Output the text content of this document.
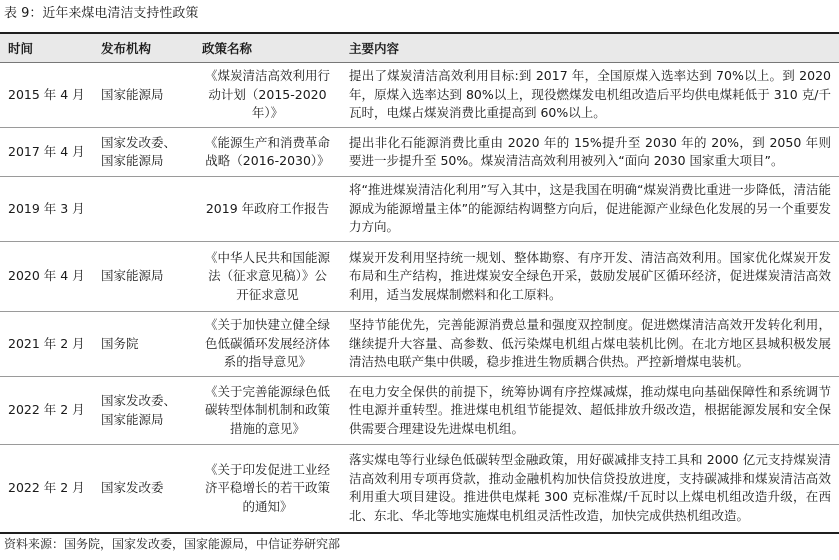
表 9：近年来煤电清洁支持性政策
时间	发布机构	政策名称	主要内容
2015 年 4 月	国家能源局	《煤炭清洁高效利用行动计划（2015-2020年）》	提出了煤炭清洁高效利用目标:到 2017 年，全国原煤入选率达到 70%以上。到 2020 年，原煤入选率达到 80%以上，现役燃煤发电机组改造后平均供电煤耗低于 310 克/千瓦时，电煤占煤炭消费比重提高到 60%以上。
2017 年 4 月	国家发改委、国家能源局	《能源生产和消费革命战略（2016-2030）》	提出非化石能源消费比重由 2020 年的 15%提升至 2030 年的 20%，到 2050 年则要进一步提升至 50%。煤炭清洁高效利用被列入“面向 2030 国家重大项目”。
2019 年 3 月		2019 年政府工作报告	将“推进煤炭清洁化利用”写入其中，这是我国在明确“煤炭消费比重进一步降低，清洁能源成为能源增量主体”的能源结构调整方向后，促进能源产业绿色化发展的另一个重要发力方向。
2020 年 4 月	国家能源局	《中华人民共和国能源法（征求意见稿）》公开征求意见	煤炭开发利用坚持统一规划、整体勘察、有序开发、清洁高效利用。国家优化煤炭开发布局和生产结构，推进煤炭安全绿色开采，鼓励发展矿区循环经济，促进煤炭清洁高效利用，适当发展煤制燃料和化工原料。
2021 年 2 月	国务院	《关于加快建立健全绿色低碳循环发展经济体系的指导意见》	坚持节能优先，完善能源消费总量和强度双控制度。促进燃煤清洁高效开发转化利用，继续提升大容量、高参数、低污染煤电机组占煤电装机比例。在北方地区县城积极发展清洁热电联产集中供暖，稳步推进生物质耦合供热。严控新增煤电装机。
2022 年 2 月	国家发改委、国家能源局	《关于完善能源绿色低碳转型体制机制和政策措施的意见》	在电力安全保供的前提下，统筹协调有序控煤减煤，推动煤电向基础保障性和系统调节性电源并重转型。推进煤电机组节能提效、超低排放升级改造，根据能源发展和安全保供需要合理建设先进煤电机组。
2022 年 2 月	国家发改委	《关于印发促进工业经济平稳增长的若干政策的通知》	落实煤电等行业绿色低碳转型金融政策，用好碳减排支持工具和 2000 亿元支持煤炭清洁高效利用专项再贷款，推动金融机构加快信贷投放进度，支持碳减排和煤炭清洁高效利用重大项目建设。推进供电煤耗 300 克标准煤/千瓦时以上煤电机组改造升级，在西北、东北、华北等地实施煤电机组灵活性改造，加快完成供热机组改造。
资料来源：国务院，国家发改委，国家能源局，中信证券研究部
